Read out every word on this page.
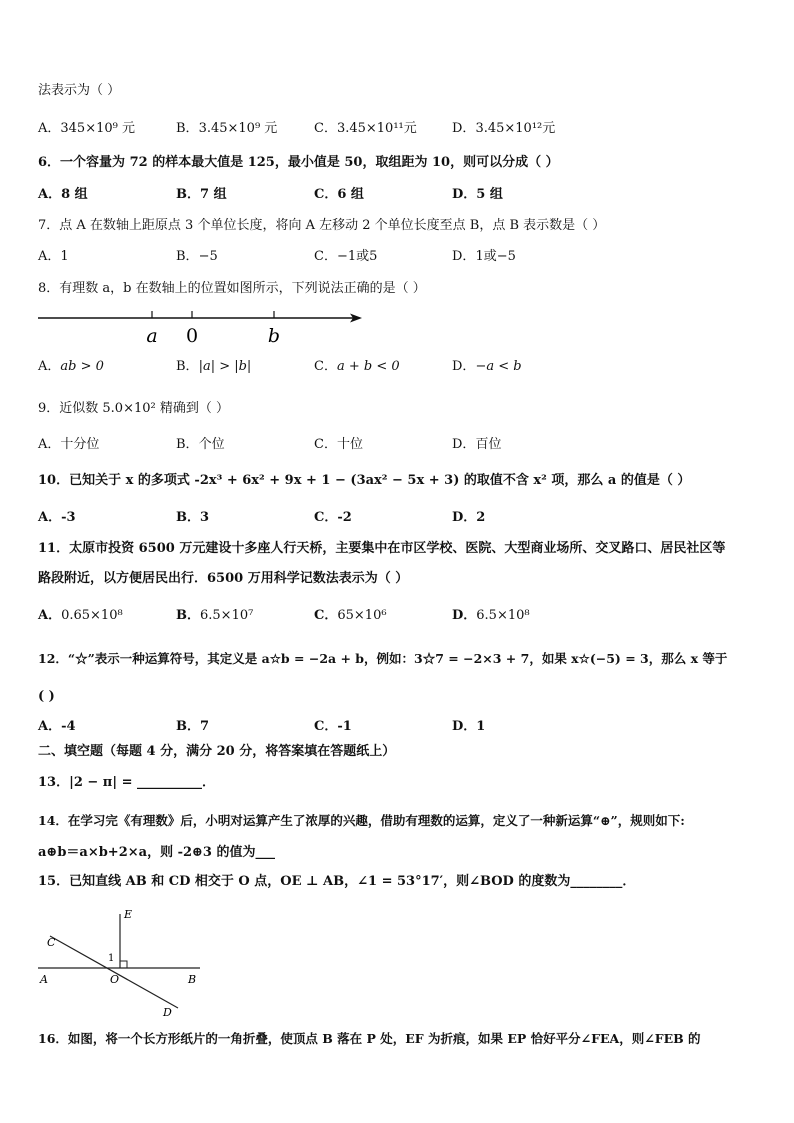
法表示为（ ）
A．345×10⁹ 元	B．3.45×10⁹ 元	C．3.45×10¹¹元	D．3.45×10¹²元
6．一个容量为 72 的样本最大值是 125，最小值是 50，取组距为 10，则可以分成（ ）
A．8 组	B．7 组	C．6 组	D．5 组
7．点 A 在数轴上距原点 3 个单位长度，将向 A 左移动 2 个单位长度至点 B，点 B 表示数是（ ）
A．1	B．−5	C．−1或5	D．1或−5
8．有理数 a，b 在数轴上的位置如图所示，下列说法正确的是（ ）
a 0	b
A．ab > 0	B．|a| > |b|	C．a + b < 0	D．−a < b
9．近似数 5.0×10² 精确到（ ）
A．十分位	B．个位	C．十位	D．百位
10．已知关于 x 的多项式 -2x³ + 6x² + 9x + 1 − (3ax² − 5x + 3) 的取值不含 x² 项，那么 a 的值是（ ）
A．-3	B．3	C．-2	D．2
11．太原市投资 6500 万元建设十多座人行天桥，主要集中在市区学校、医院、大型商业场所、交叉路口、居民社区等
路段附近，以方便居民出行．6500 万用科学记数法表示为（ ）
A．0.65×10⁸	B．6.5×10⁷	C．65×10⁶	D．6.5×10⁸
12．“☆”表示一种运算符号，其定义是 a☆b = −2a + b，例如：3☆7 = −2×3 + 7，如果 x☆(−5) = 3，那么 x 等于
( )
A．-4	B．7	C．-1	D．1
二、填空题（每题 4 分，满分 20 分，将答案填在答题纸上）
13．|2 − π| = __________．
14．在学习完《有理数》后，小明对运算产生了浓厚的兴趣，借助有理数的运算，定义了一种新运算“⊕”，规则如下:
a⊕b＝a×b+2×a，则 -2⊕3 的值为___
15．已知直线 AB 和 CD 相交于 O 点，OE ⊥ AB，∠1 = 53°17′，则∠BOD 的度数为________．
E
C
1
A	O	B
D
16．如图，将一个长方形纸片的一角折叠，使顶点 B 落在 P 处，EF 为折痕，如果 EP 恰好平分∠FEA，则∠FEB 的
